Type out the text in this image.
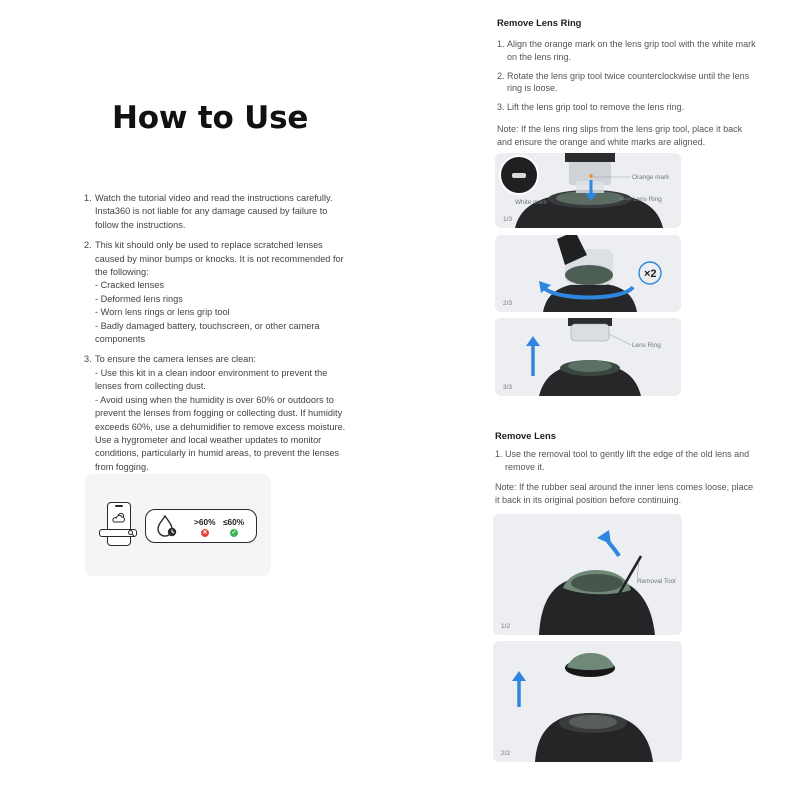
How to Use
1. Watch the tutorial video and read the instructions carefully. Insta360 is not liable for any damage caused by failure to follow the instructions.
2. This kit should only be used to replace scratched lenses caused by minor bumps or knocks. It is not recommended for the following:
- Cracked lenses
- Deformed lens rings
- Worn lens rings or lens grip tool
- Badly damaged battery, touchscreen, or other camera components
3. To ensure the camera lenses are clean:
- Use this kit in a clean indoor environment to prevent the lenses from collecting dust.
- Avoid using when the humidity is over 60% or outdoors to prevent the lenses from fogging or collecting dust. If humidity exceeds 60%, use a dehumidifier to remove excess moisture. Use a hygrometer and local weather updates to monitor conditions, particularly in humid areas, to prevent the lenses from fogging.
>60% ≤60%
✕	✓
Remove Lens Ring
1. Align the orange mark on the lens grip tool with the white mark on the lens ring.
2. Rotate the lens grip tool twice counterclockwise until the lens ring is loose.
3. Lift the lens grip tool to remove the lens ring.

Note: If the lens ring slips from the lens grip tool, place it back and ensure the orange and white marks are aligned.

Orange mark
White mark	Lens Ring
1/3
×2
2/3
Lens Ring
3/3
Remove Lens
1. Use the removal tool to gently lift the edge of the old lens and remove it.

Note: If the rubber seal around the inner lens comes loose, place it back in its original position before continuing.

Removal Tool
1/2
2/2
